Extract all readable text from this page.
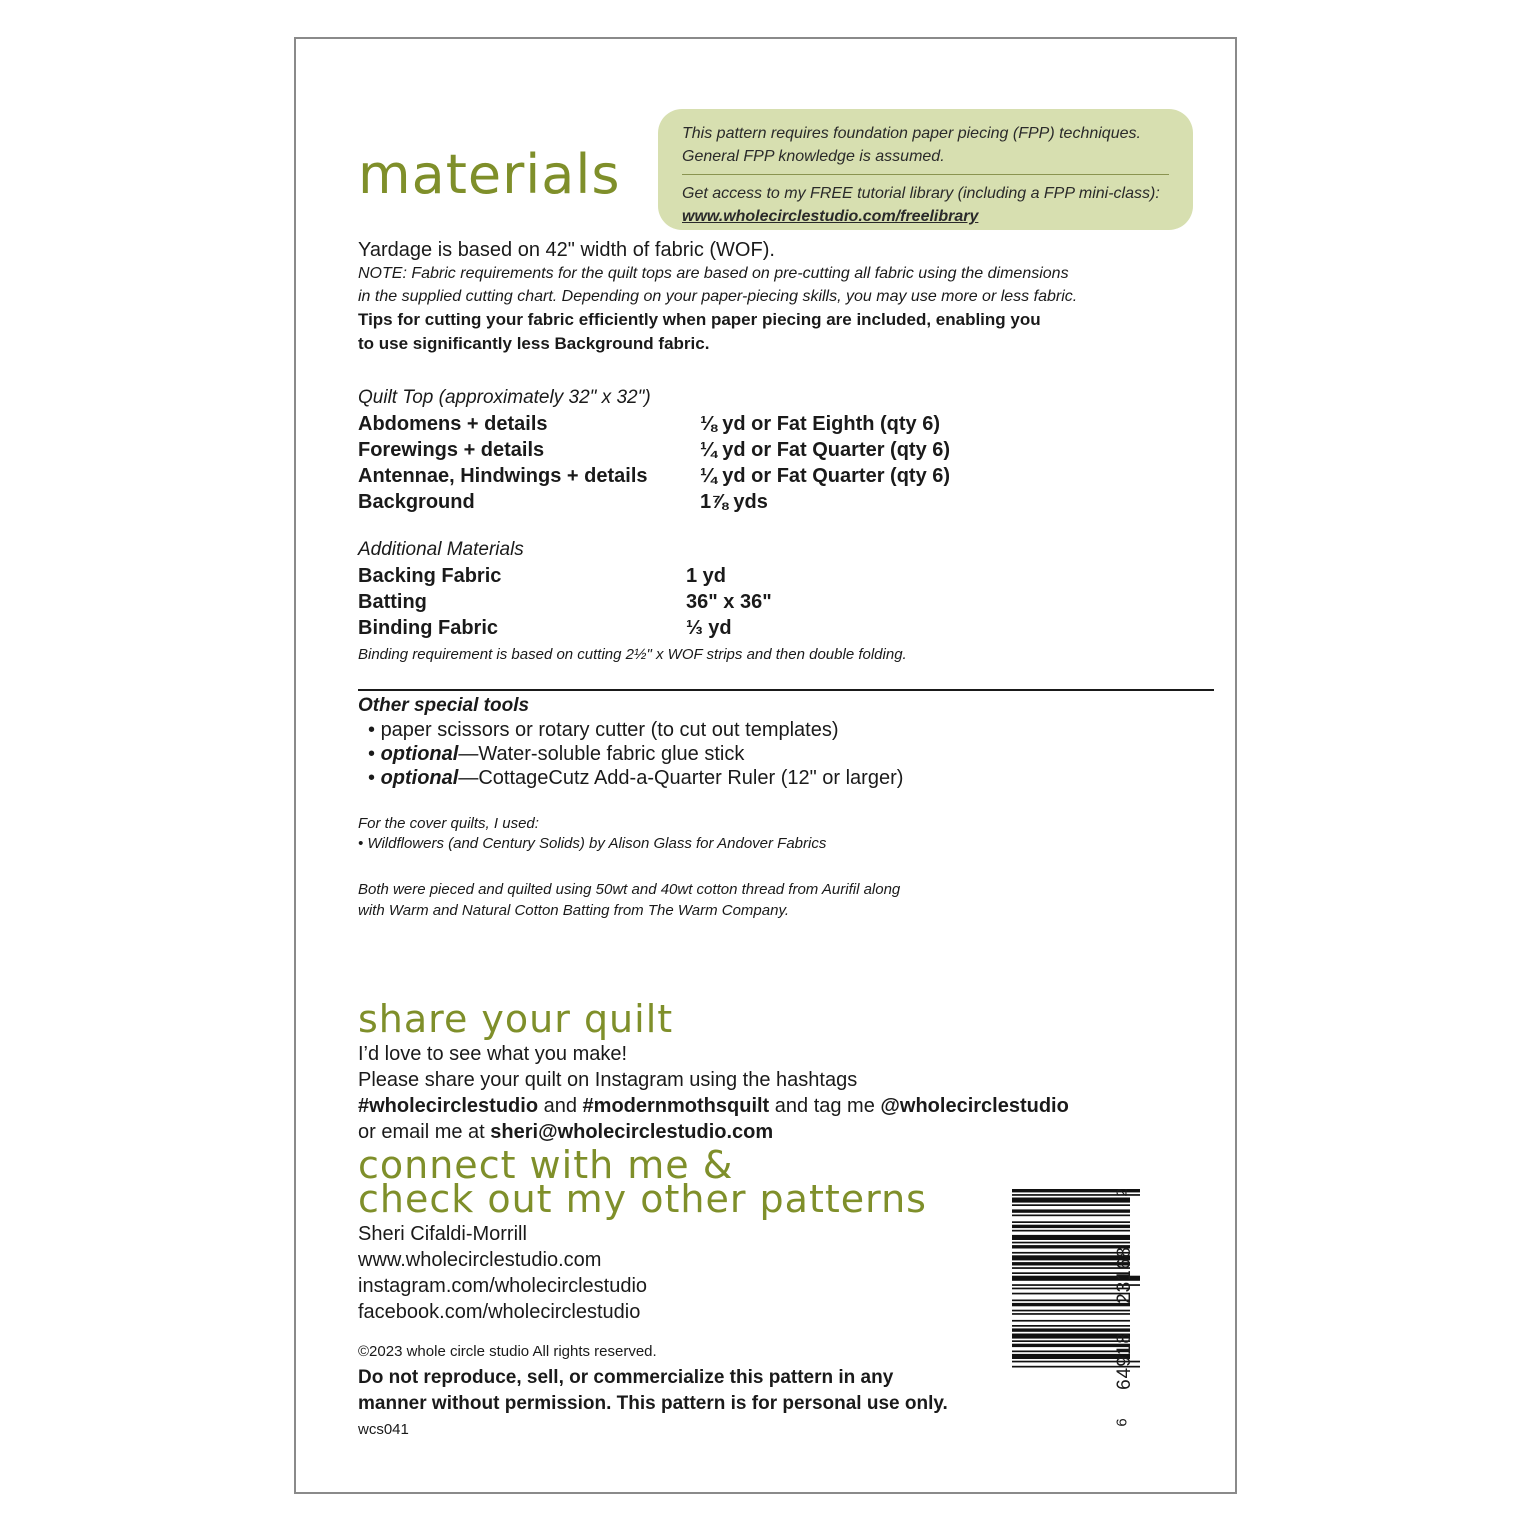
materials
This pattern requires foundation paper piecing (FPP) techniques.
General FPP knowledge is assumed.
Get access to my FREE tutorial library (including a FPP mini-class):
www.wholecirclestudio.com/freelibrary

Yardage is based on 42" width of fabric (WOF).

NOTE: Fabric requirements for the quilt tops are based on pre-cutting all fabric using the dimensions

in the supplied cutting chart. Depending on your paper-piecing skills, you may use more or less fabric.

Tips for cutting your fabric efficiently when paper piecing are included, enabling you

to use significantly less Background fabric.

Quilt Top (approximately 32" x 32")

Abdomens + details	⅛ yd or Fat Eighth (qty 6)
Forewings + details	¼ yd or Fat Quarter (qty 6)
Antennae, Hindwings + details	¼ yd or Fat Quarter (qty 6)
Background	1⅞ yds

Additional Materials

Backing Fabric	1 yd
Batting	36" x 36"
Binding Fabric	⅓ yd

Binding requirement is based on cutting 2½" x WOF strips and then double folding.

Other special tools

• paper scissors or rotary cutter (to cut out templates)

• optional—Water-soluble fabric glue stick

• optional—CottageCutz Add-a-Quarter Ruler (12" or larger)

For the cover quilts, I used:

• Wildflowers (and Century Solids) by Alison Glass for Andover Fabrics

Both were pieced and quilted using 50wt and 40wt cotton thread from Aurifil along

with Warm and Natural Cotton Batting from The Warm Company.

share your quilt

I’d love to see what you make!

Please share your quilt on Instagram using the hashtags

#wholecirclestudio and #modernmothsquilt and tag me @wholecirclestudio

or email me at sheri@wholecirclestudio.com

connect with me &
check out my other patterns

Sheri Cifaldi-Morrill

www.wholecirclestudio.com

instagram.com/wholecirclestudio

facebook.com/wholecirclestudio

©2023 whole circle studio All rights reserved.

Do not reproduce, sell, or commercialize this pattern in any

manner without permission. This pattern is for personal use only.

wcs041	6
64918
23168
2
